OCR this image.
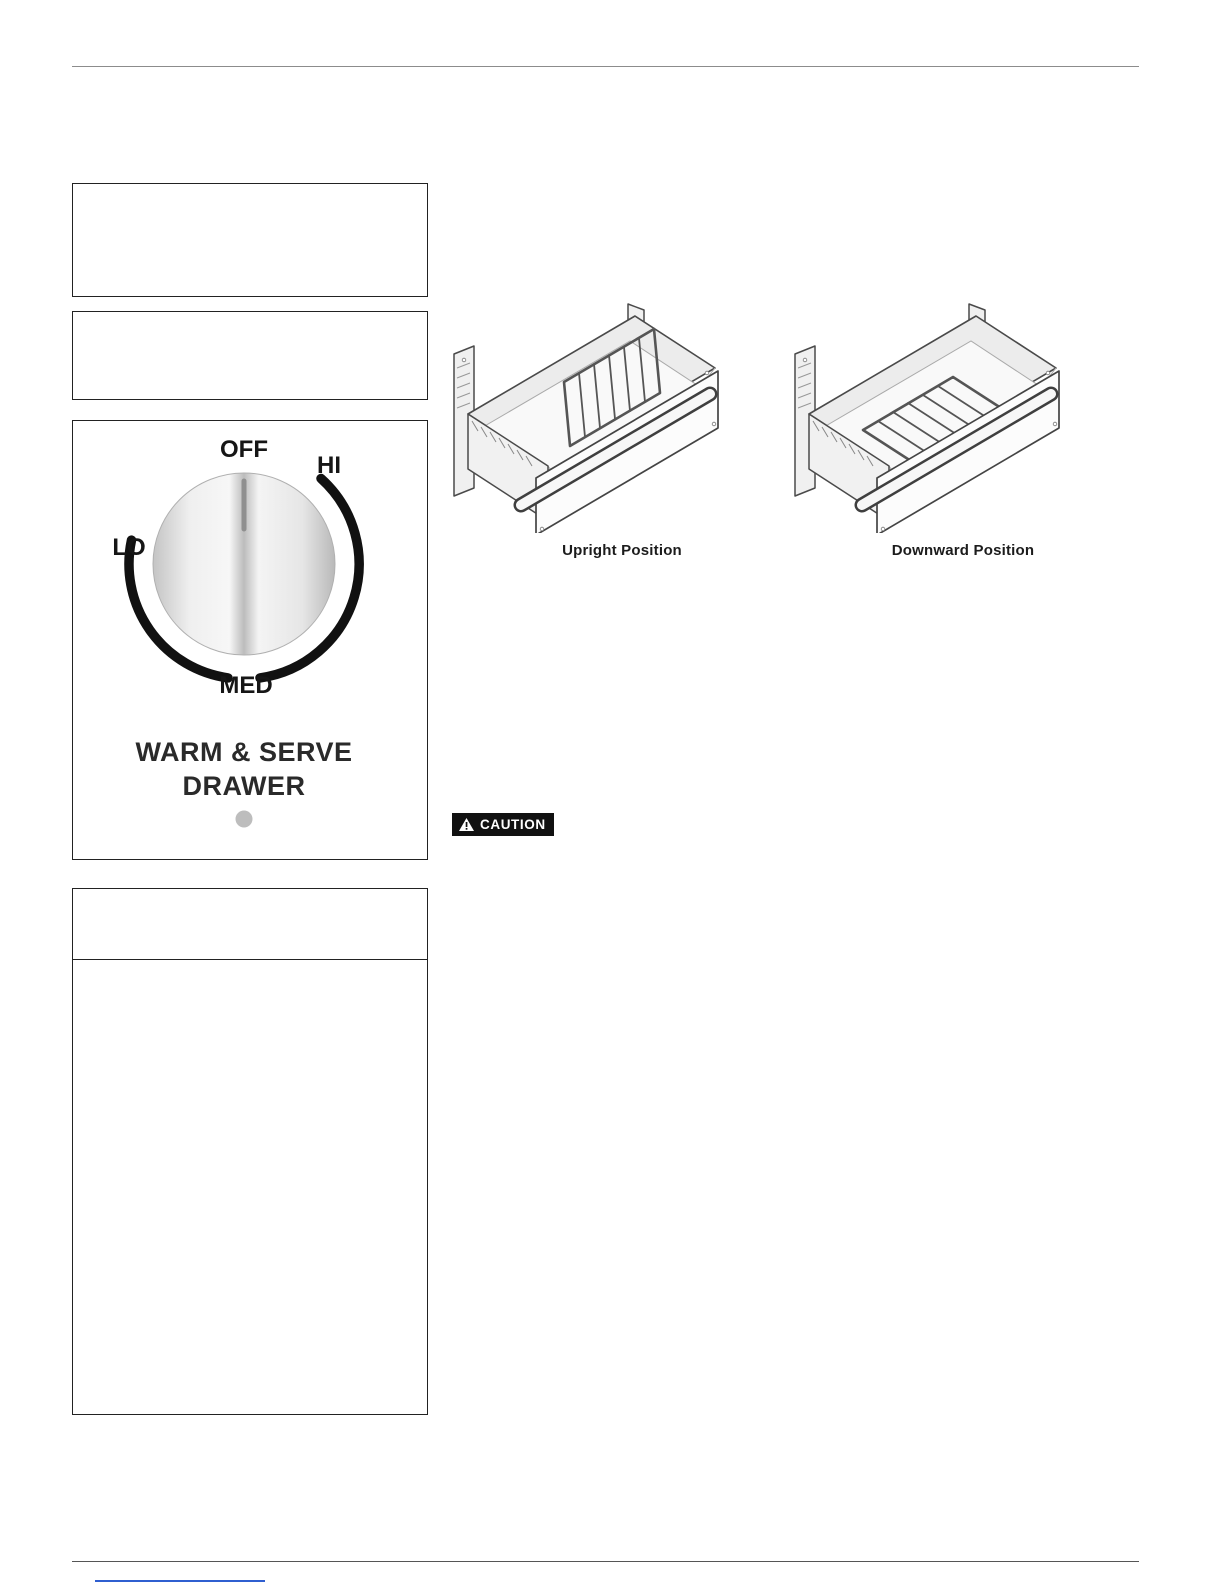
OFF
HI
LO
MED
WARM & SERVE
DRAWER
Upright Position	Downward Position
CAUTION
